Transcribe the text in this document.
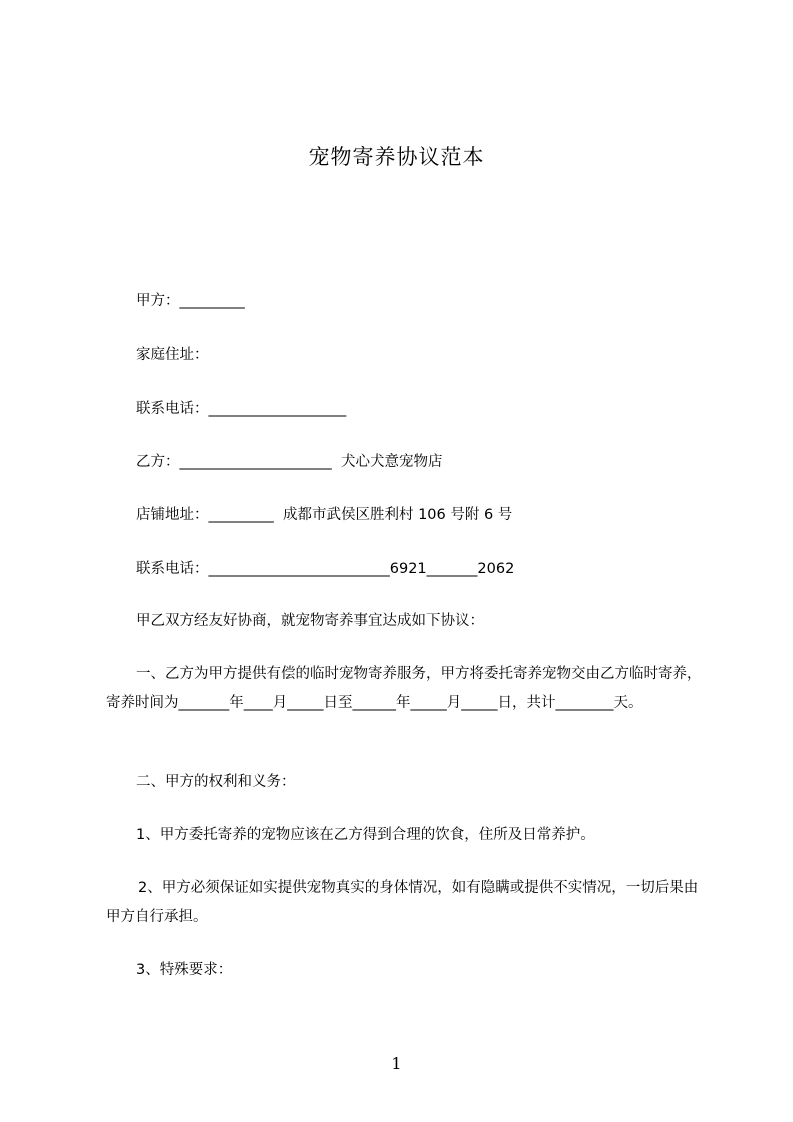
宠物寄养协议范本
甲方：_________
家庭住址：
联系电话：___________________
乙方：_____________________  犬心犬意宠物店
店铺地址：_________  成都市武侯区胜利村 106 号附 6 号
联系电话：_________________________6921_______2062
甲乙双方经友好协商，就宠物寄养事宜达成如下协议：
一、乙方为甲方提供有偿的临时宠物寄养服务，甲方将委托寄养宠物交由乙方临时寄养，寄养时间为_______年____月_____日至______年_____月_____日，共计________天。
二、甲方的权利和义务：
1、甲方委托寄养的宠物应该在乙方得到合理的饮食，住所及日常养护。
2、甲方必须保证如实提供宠物真实的身体情况，如有隐瞒或提供不实情况，一切后果由甲方自行承担。
3、特殊要求：
1
